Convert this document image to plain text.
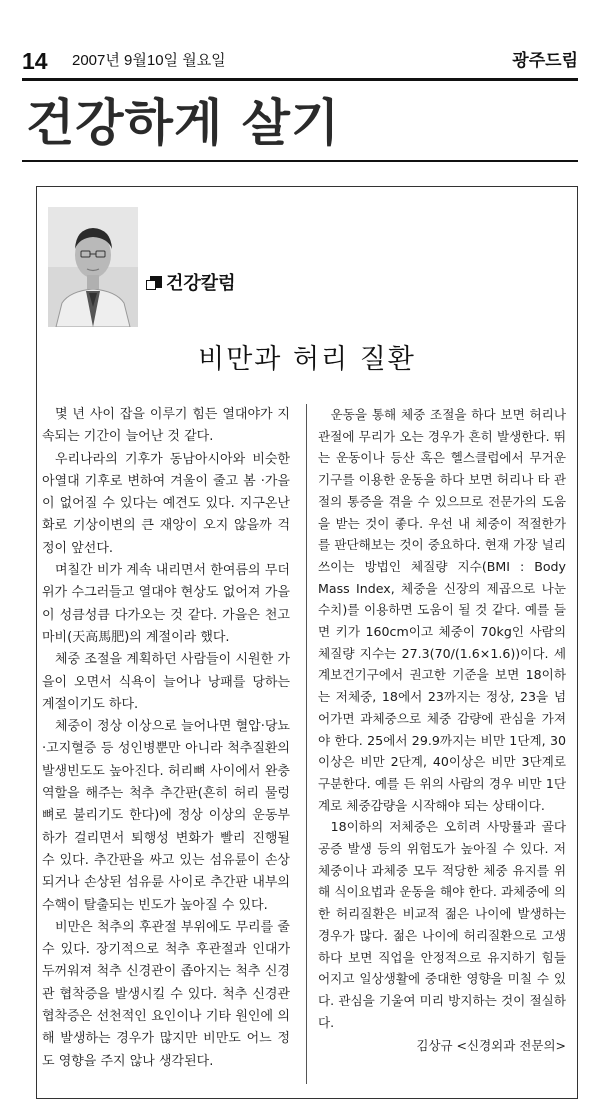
14 2007년 9월10일 월요일	광주드림
건강하게 살기
건강칼럼
비만과 허리 질환

몇 년 사이 잡을 이루기 힘든 열대야가 지속되는 기간이 늘어난 것 같다.

우리나라의 기후가 동남아시아와 비슷한 아열대 기후로 변하여 겨울이 줄고 봄 ·가을이 없어질 수 있다는 예견도 있다. 지구온난화로 기상이변의 큰 재앙이 오지 않을까 걱정이 앞선다.

며칠간 비가 계속 내리면서 한여름의 무더위가 수그러들고 열대야 현상도 없어져 가을이 성큼성큼 다가오는 것 같다. 가을은 천고마비(天高馬肥)의 계절이라 했다.

체중 조절을 계획하던 사람들이 시원한 가을이 오면서 식욕이 늘어나 낭패를 당하는 계절이기도 하다.

체중이 정상 이상으로 늘어나면 혈압·당뇨·고지혈증 등 성인병뿐만 아니라 척추질환의 발생빈도도 높아진다. 허리뼈 사이에서 완충역할을 해주는 척추 추간판(흔히 허리 물렁뼈로 불리기도 한다)에 정상 이상의 운동부하가 걸리면서 퇴행성 변화가 빨리 진행될 수 있다. 추간판을 싸고 있는 섬유륜이 손상되거나 손상된 섬유륜 사이로 추간판 내부의 수핵이 탈출되는 빈도가 높아질 수 있다.

비만은 척추의 후관절 부위에도 무리를 줄 수 있다. 장기적으로 척추 후관절과 인대가 두꺼워져 척추 신경관이 좁아지는 척추 신경관 협착증을 발생시킬 수 있다. 척추 신경관 협착증은 선천적인 요인이나 기타 원인에 의해 발생하는 경우가 많지만 비만도 어느 정도 영향을 주지 않나 생각된다.

운동을 통해 체중 조절을 하다 보면 허리나 관절에 무리가 오는 경우가 흔히 발생한다. 뛰는 운동이나 등산 혹은 헬스클럽에서 무거운 기구를 이용한 운동을 하다 보면 허리나 타 관절의 통증을 겪을 수 있으므로 전문가의 도움을 받는 것이 좋다. 우선 내 체중이 적절한가를 판단해보는 것이 중요하다. 현재 가장 널리 쓰이는 방법인 체질량 지수(BMI : Body Mass Index, 체중을 신장의 제곱으로 나눈 수치)를 이용하면 도움이 될 것 같다. 예를 들면 키가 160cm이고 체중이 70kg인 사람의 체질량 지수는 27.3(70/(1.6×1.6))이다. 세계보건기구에서 권고한 기준을 보면 18이하는 저체중, 18에서 23까지는 정상, 23을 넘어가면 과체중으로 체중 감량에 관심을 가져야 한다. 25에서 29.9까지는 비만 1단계, 30이상은 비만 2단계, 40이상은 비만 3단계로 구분한다. 예를 든 위의 사람의 경우 비만 1단계로 체중감량을 시작해야 되는 상태이다.

18이하의 저체중은 오히려 사망률과 골다공증 발생 등의 위험도가 높아질 수 있다. 저체중이나 과체중 모두 적당한 체중 유지를 위해 식이요법과 운동을 해야 한다. 과체중에 의한 허리질환은 비교적 젊은 나이에 발생하는 경우가 많다. 젊은 나이에 허리질환으로 고생하다 보면 직업을 안정적으로 유지하기 힘들어지고 일상생활에 중대한 영향을 미칠 수 있다. 관심을 기울여 미리 방지하는 것이 절실하다.

김상규 <신경외과 전문의>
